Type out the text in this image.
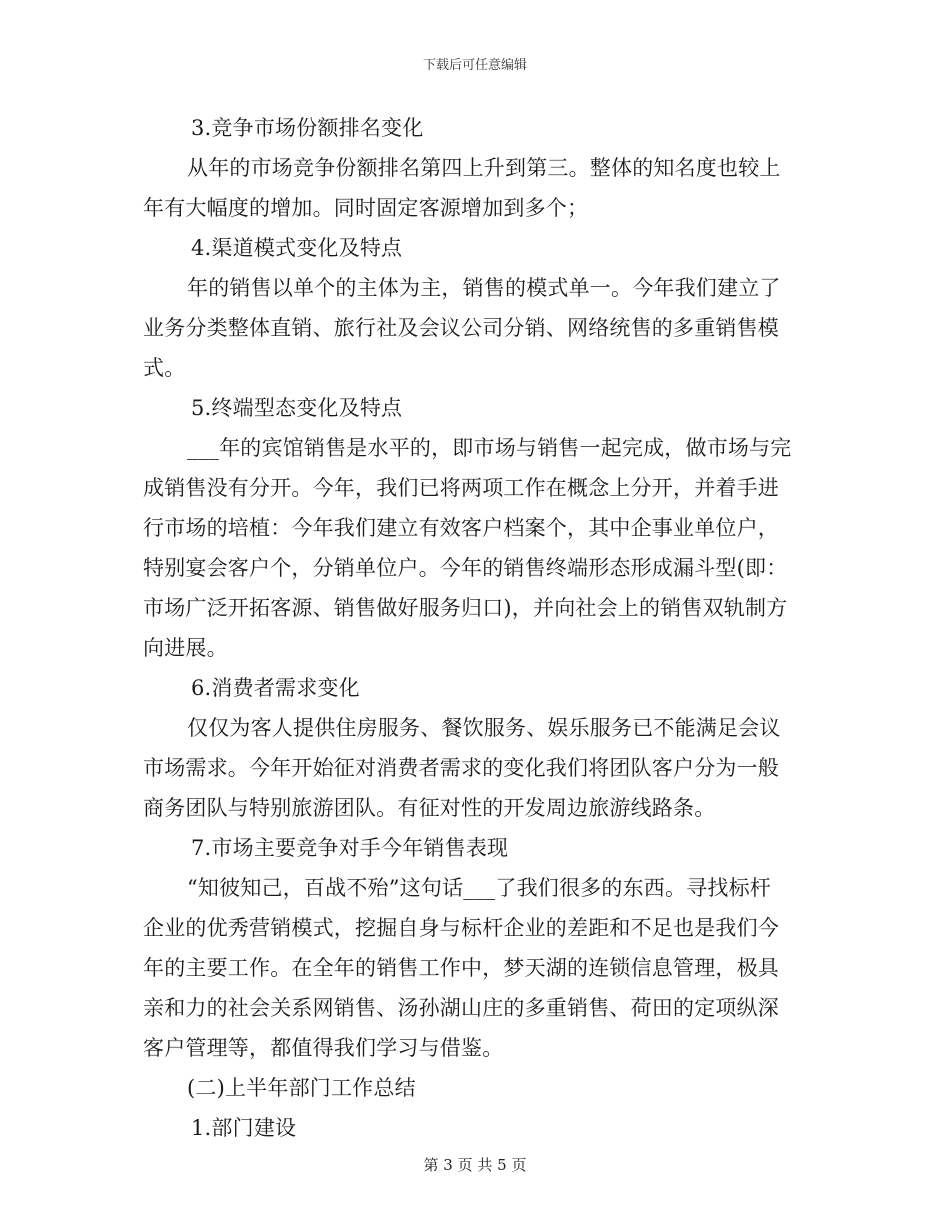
下载后可任意编辑
3.竞争市场份额排名变化
从年的市场竞争份额排名第四上升到第三。整体的知名度也较上
年有大幅度的增加。同时固定客源增加到多个；
4.渠道模式变化及特点
年的销售以单个的主体为主，销售的模式单一。今年我们建立了
业务分类整体直销、旅行社及会议公司分销、网络统售的多重销售模
式。
5.终端型态变化及特点
___年的宾馆销售是水平的，即市场与销售一起完成，做市场与完
成销售没有分开。今年，我们已将两项工作在概念上分开，并着手进
行市场的培植：今年我们建立有效客户档案个，其中企事业单位户，
特别宴会客户个，分销单位户。今年的销售终端形态形成漏斗型(即：
市场广泛开拓客源、销售做好服务归口)，并向社会上的销售双轨制方
向进展。
6.消费者需求变化
仅仅为客人提供住房服务、餐饮服务、娱乐服务已不能满足会议
市场需求。今年开始征对消费者需求的变化我们将团队客户分为一般
商务团队与特别旅游团队。有征对性的开发周边旅游线路条。
7.市场主要竞争对手今年销售表现
“知彼知己，百战不殆”这句话___了我们很多的东西。寻找标杆
企业的优秀营销模式，挖掘自身与标杆企业的差距和不足也是我们今
年的主要工作。在全年的销售工作中，梦天湖的连锁信息管理，极具
亲和力的社会关系网销售、汤孙湖山庄的多重销售、荷田的定项纵深
客户管理等，都值得我们学习与借鉴。
(二)上半年部门工作总结
1.部门建设
第 3 页 共 5 页
